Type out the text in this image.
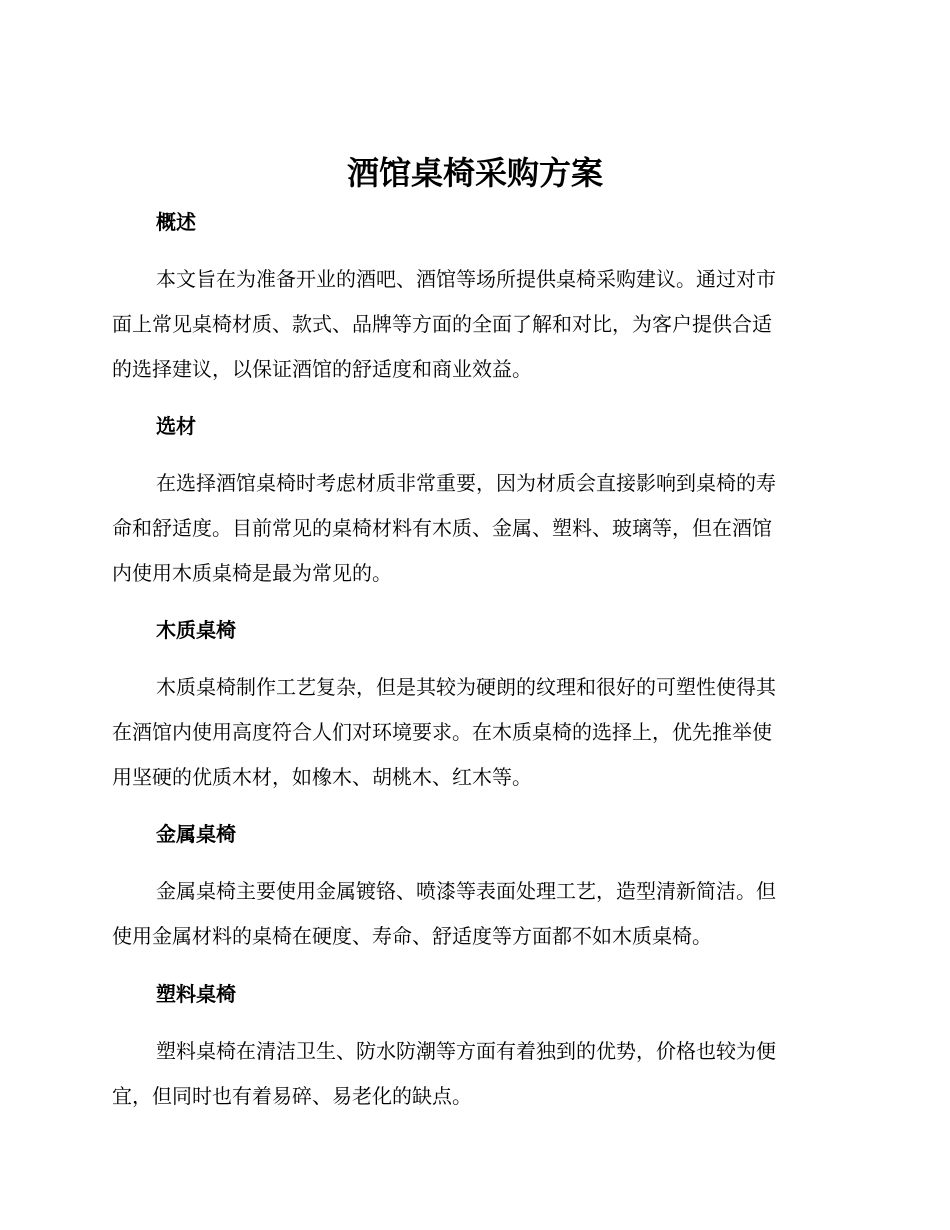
酒馆桌椅采购方案
概述

本文旨在为准备开业的酒吧、酒馆等场所提供桌椅采购建议。通过对市

面上常见桌椅材质、款式、品牌等方面的全面了解和对比，为客户提供合适

的选择建议，以保证酒馆的舒适度和商业效益。

选材

在选择酒馆桌椅时考虑材质非常重要，因为材质会直接影响到桌椅的寿

命和舒适度。目前常见的桌椅材料有木质、金属、塑料、玻璃等，但在酒馆

内使用木质桌椅是最为常见的。

木质桌椅

木质桌椅制作工艺复杂，但是其较为硬朗的纹理和很好的可塑性使得其

在酒馆内使用高度符合人们对环境要求。在木质桌椅的选择上，优先推举使

用坚硬的优质木材，如橡木、胡桃木、红木等。

金属桌椅

金属桌椅主要使用金属镀铬、喷漆等表面处理工艺，造型清新简洁。但

使用金属材料的桌椅在硬度、寿命、舒适度等方面都不如木质桌椅。

塑料桌椅

塑料桌椅在清洁卫生、防水防潮等方面有着独到的优势，价格也较为便

宜，但同时也有着易碎、易老化的缺点。
